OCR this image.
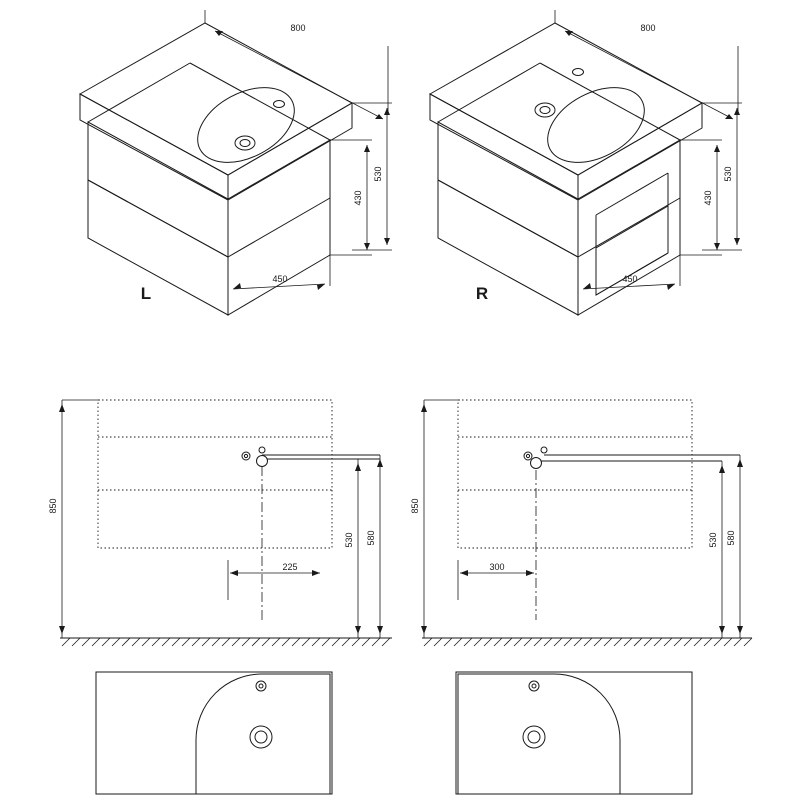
800
530
430
450
L
800
530
430
450
R
850
530 580
225
850
530 580
300
